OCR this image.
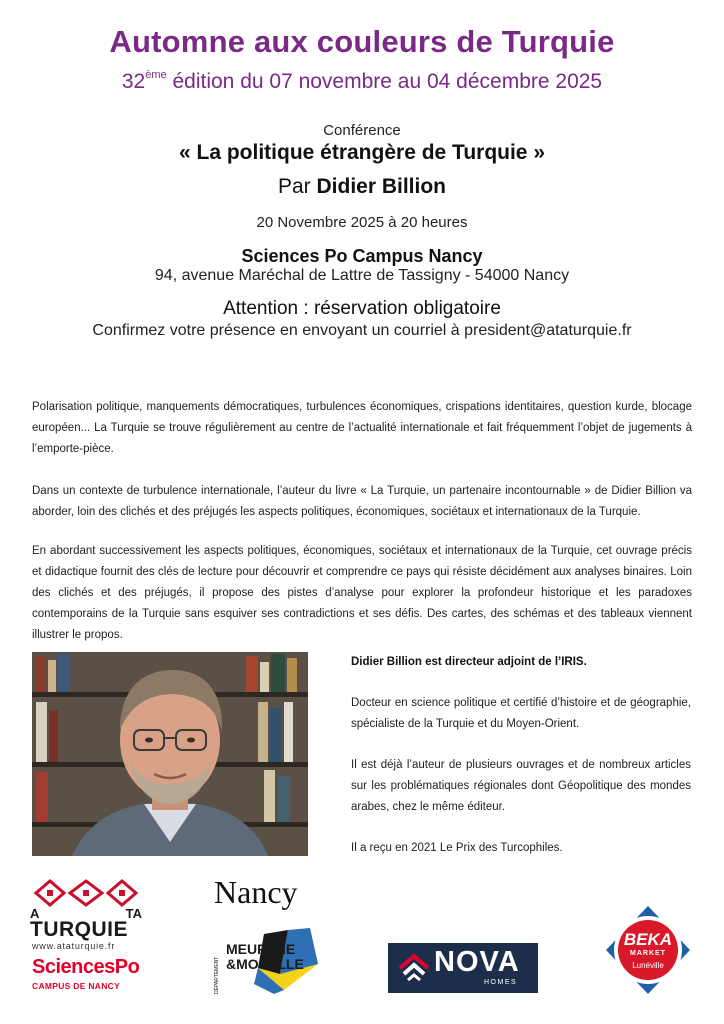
Automne aux couleurs de Turquie
32ème édition du 07 novembre au 04 décembre 2025
Conférence
« La politique étrangère de Turquie »
Par Didier Billion
20 Novembre 2025 à 20 heures
Sciences Po Campus Nancy
94, avenue Maréchal de Lattre de Tassigny - 54000 Nancy
Attention : réservation obligatoire
Confirmez votre présence en envoyant un courriel à president@ataturquie.fr

Polarisation politique, manquements démocratiques, turbulences économiques, crispations identitaires, question kurde, blocage européen... La Turquie se trouve régulièrement au centre de l’actualité internationale et fait fréquemment l’objet de jugements à l’emporte-pièce.

Dans un contexte de turbulence internationale, l’auteur du livre « La Turquie, un partenaire incontournable » de Didier Billion va aborder, loin des clichés et des préjugés les aspects politiques, économiques, sociétaux et internationaux de la Turquie.

En abordant successivement les aspects politiques, économiques, sociétaux et internationaux de la Turquie, cet ouvrage précis et didactique fournit des clés de lecture pour découvrir et comprendre ce pays qui résiste décidément aux analyses binaires. Loin des clichés et des préjugés, il propose des pistes d’analyse pour explorer la profondeur historique et les paradoxes contemporains de la Turquie sans esquiver ses contradictions et ses défis. Des cartes, des schémas et des tableaux viennent illustrer le propos.

Didier Billion est directeur adjoint de l’IRIS.

Docteur en science politique et certifié d’histoire et de géographie, spécialiste de la Turquie et du Moyen-Orient.

Il est déjà l’auteur de plusieurs ouvrages et de nombreux articles sur les problématiques régionales dont Géopolitique des mondes arabes, chez le même éditeur.

Il a reçu en 2021 Le Prix des Turcophiles.

A	TA
TURQUIE
www.ataturquie.fr
SciencesPo
CAMPUS DE NANCY
Nancy
DÉPARTEMENT
MEURTHE
&MOSELLE	NOVA
HOMES
BEKA
MARKET
Lunéville
